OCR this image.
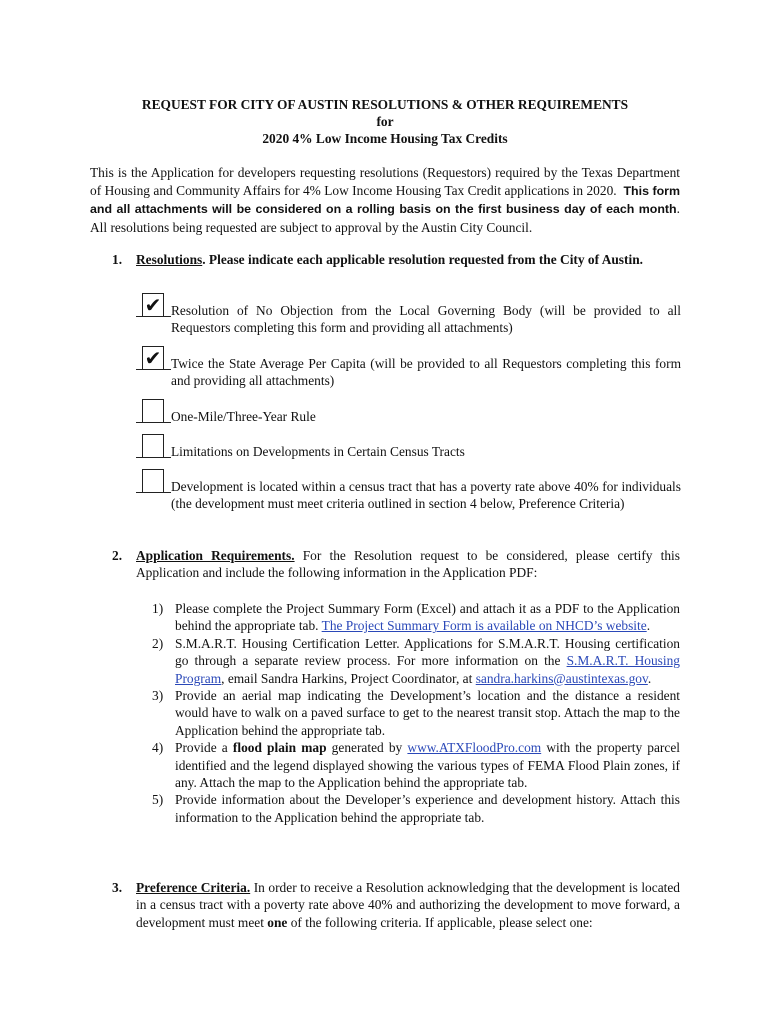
REQUEST FOR CITY OF AUSTIN RESOLUTIONS & OTHER REQUIREMENTS
for
2020 4% Low Income Housing Tax Credits
This is the Application for developers requesting resolutions (Requestors) required by the Texas Department of Housing and Community Affairs for 4% Low Income Housing Tax Credit applications in 2020. This form and all attachments will be considered on a rolling basis on the first business day of each month. All resolutions being requested are subject to approval by the Austin City Council.
1. Resolutions. Please indicate each applicable resolution requested from the City of Austin.
✔ Resolution of No Objection from the Local Governing Body (will be provided to all Requestors completing this form and providing all attachments)
✔ Twice the State Average Per Capita (will be provided to all Requestors completing this form and providing all attachments)
One-Mile/Three-Year Rule
Limitations on Developments in Certain Census Tracts
Development is located within a census tract that has a poverty rate above 40% for individuals (the development must meet criteria outlined in section 4 below, Preference Criteria)
2. Application Requirements. For the Resolution request to be considered, please certify this Application and include the following information in the Application PDF:
1) Please complete the Project Summary Form (Excel) and attach it as a PDF to the Application behind the appropriate tab. The Project Summary Form is available on NHCD’s website.
2) S.M.A.R.T. Housing Certification Letter. Applications for S.M.A.R.T. Housing certification go through a separate review process. For more information on the S.M.A.R.T. Housing Program, email Sandra Harkins, Project Coordinator, at sandra.harkins@austintexas.gov.
3) Provide an aerial map indicating the Development’s location and the distance a resident would have to walk on a paved surface to get to the nearest transit stop. Attach the map to the Application behind the appropriate tab.
4) Provide a flood plain map generated by www.ATXFloodPro.com with the property parcel identified and the legend displayed showing the various types of FEMA Flood Plain zones, if any. Attach the map to the Application behind the appropriate tab.
5) Provide information about the Developer’s experience and development history. Attach this information to the Application behind the appropriate tab.
3. Preference Criteria. In order to receive a Resolution acknowledging that the development is located in a census tract with a poverty rate above 40% and authorizing the development to move forward, a development must meet one of the following criteria. If applicable, please select one:
